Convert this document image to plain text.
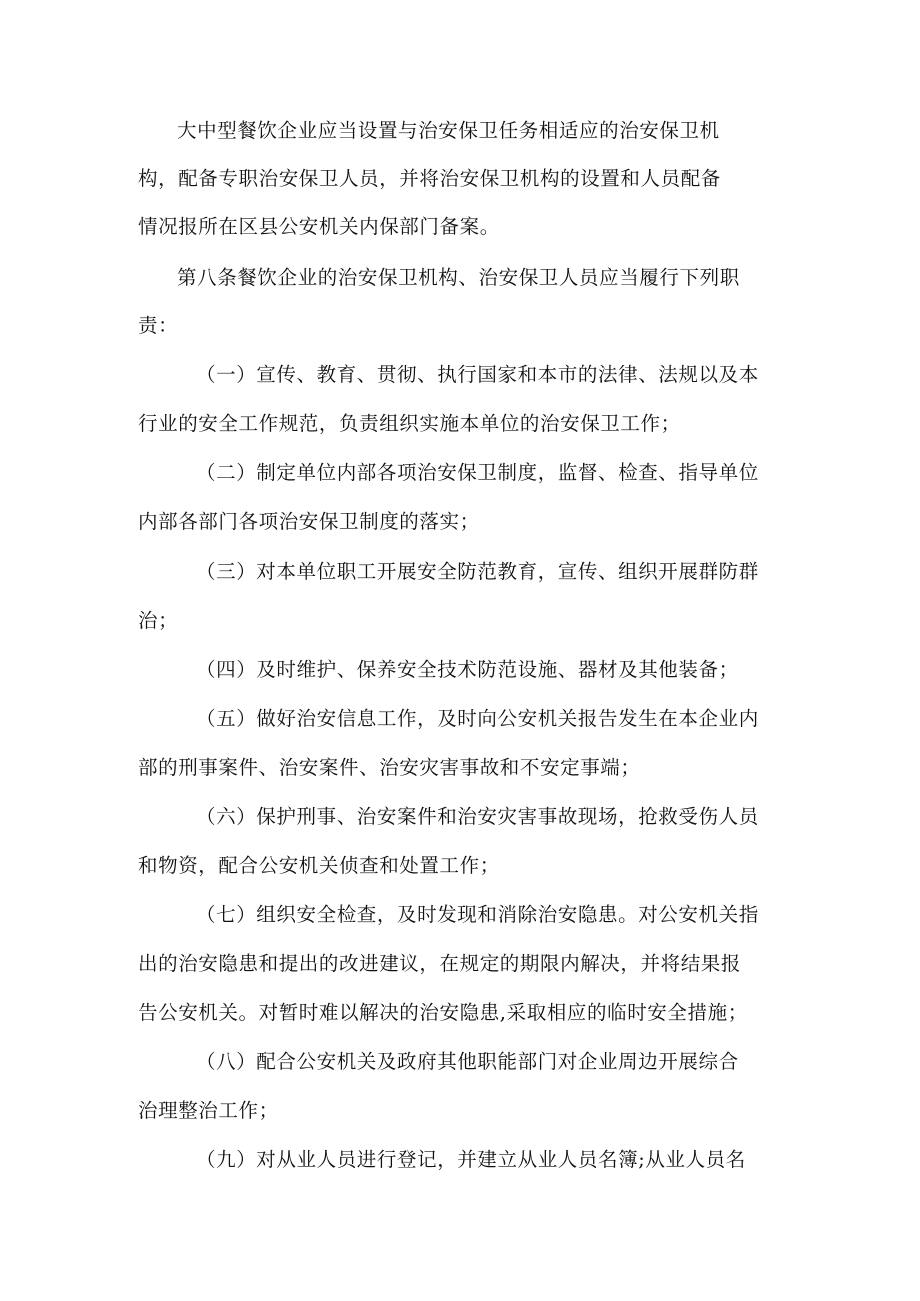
大中型餐饮企业应当设置与治安保卫任务相适应的治安保卫机
构，配备专职治安保卫人员，并将治安保卫机构的设置和人员配备
情况报所在区县公安机关内保部门备案。
第八条餐饮企业的治安保卫机构、治安保卫人员应当履行下列职
责：
（一）宣传、教育、贯彻、执行国家和本市的法律、法规以及本
行业的安全工作规范，负责组织实施本单位的治安保卫工作；
（二）制定单位内部各项治安保卫制度，监督、检查、指导单位
内部各部门各项治安保卫制度的落实；
（三）对本单位职工开展安全防范教育，宣传、组织开展群防群
治；
（四）及时维护、保养安全技术防范设施、器材及其他装备；
（五）做好治安信息工作，及时向公安机关报告发生在本企业内
部的刑事案件、治安案件、治安灾害事故和不安定事端；
（六）保护刑事、治安案件和治安灾害事故现场，抢救受伤人员
和物资，配合公安机关侦查和处置工作；
（七）组织安全检查，及时发现和消除治安隐患。对公安机关指
出的治安隐患和提出的改进建议，在规定的期限内解决，并将结果报
告公安机关。对暂时难以解决的治安隐患,采取相应的临时安全措施；
（八）配合公安机关及政府其他职能部门对企业周边开展综合
治理整治工作；
（九）对从业人员进行登记，并建立从业人员名簿;从业人员名
